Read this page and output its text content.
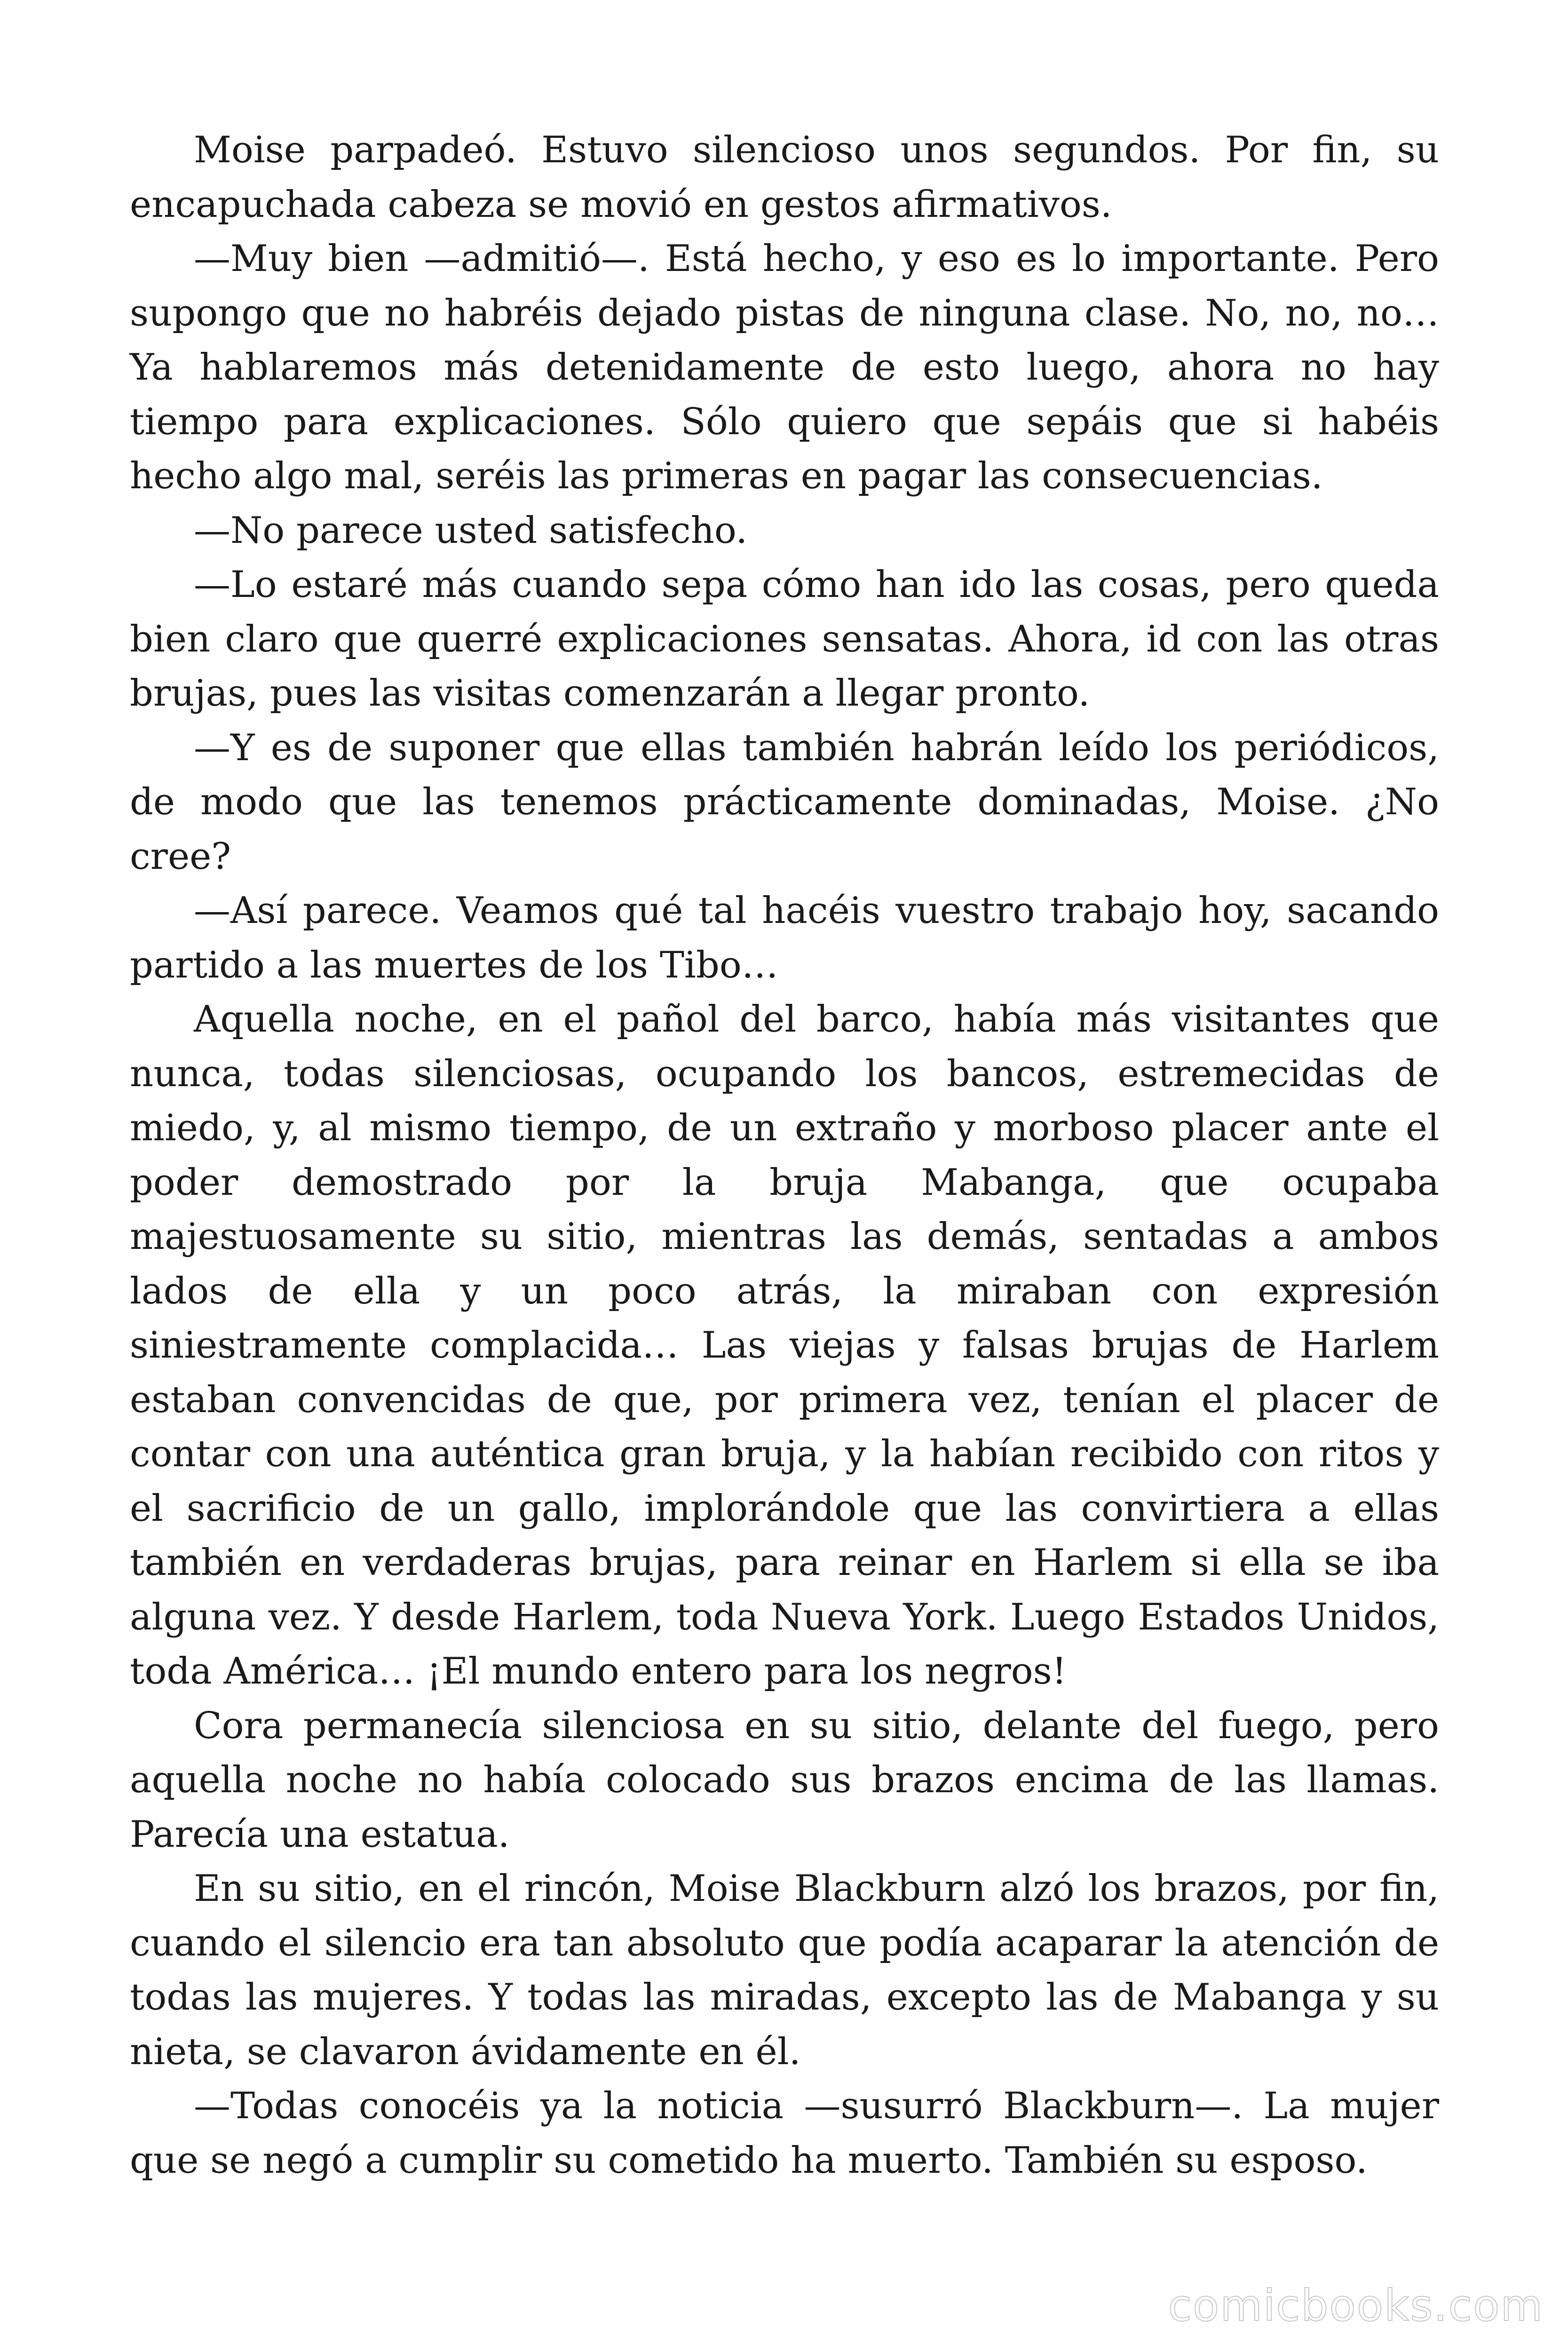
Moise parpadeó. Estuvo silencioso unos segundos. Por fin, su encapuchada cabeza se movió en gestos afirmativos.

—Muy bien —admitió—. Está hecho, y eso es lo importante. Pero supongo que no habréis dejado pistas de ninguna clase. No, no, no… Ya hablaremos más detenidamente de esto luego, ahora no hay tiempo para explicaciones. Sólo quiero que sepáis que si habéis hecho algo mal, seréis las primeras en pagar las consecuencias.

—No parece usted satisfecho.

—Lo estaré más cuando sepa cómo han ido las cosas, pero queda bien claro que querré explicaciones sensatas. Ahora, id con las otras brujas, pues las visitas comenzarán a llegar pronto.

—Y es de suponer que ellas también habrán leído los periódicos, de modo que las tenemos prácticamente dominadas, Moise. ¿No cree?

—Así parece. Veamos qué tal hacéis vuestro trabajo hoy, sacando partido a las muertes de los Tibo…

Aquella noche, en el pañol del barco, había más visitantes que nunca, todas silenciosas, ocupando los bancos, estremecidas de miedo, y, al mismo tiempo, de un extraño y morboso placer ante el poder demostrado por la bruja Mabanga, que ocupaba majestuosamente su sitio, mientras las demás, sentadas a ambos lados de ella y un poco atrás, la miraban con expresión siniestramente complacida… Las viejas y falsas brujas de Harlem estaban convencidas de que, por primera vez, tenían el placer de contar con una auténtica gran bruja, y la habían recibido con ritos y el sacrificio de un gallo, implorándole que las convirtiera a ellas también en verdaderas brujas, para reinar en Harlem si ella se iba alguna vez. Y desde Harlem, toda Nueva York. Luego Estados Unidos, toda América… ¡El mundo entero para los negros!

Cora permanecía silenciosa en su sitio, delante del fuego, pero aquella noche no había colocado sus brazos encima de las llamas. Parecía una estatua.

En su sitio, en el rincón, Moise Blackburn alzó los brazos, por fin, cuando el silencio era tan absoluto que podía acaparar la atención de todas las mujeres. Y todas las miradas, excepto las de Mabanga y su nieta, se clavaron ávidamente en él.

—Todas conocéis ya la noticia —susurró Blackburn—. La mujer que se negó a cumplir su cometido ha muerto. También su esposo.

comicbooks.com
